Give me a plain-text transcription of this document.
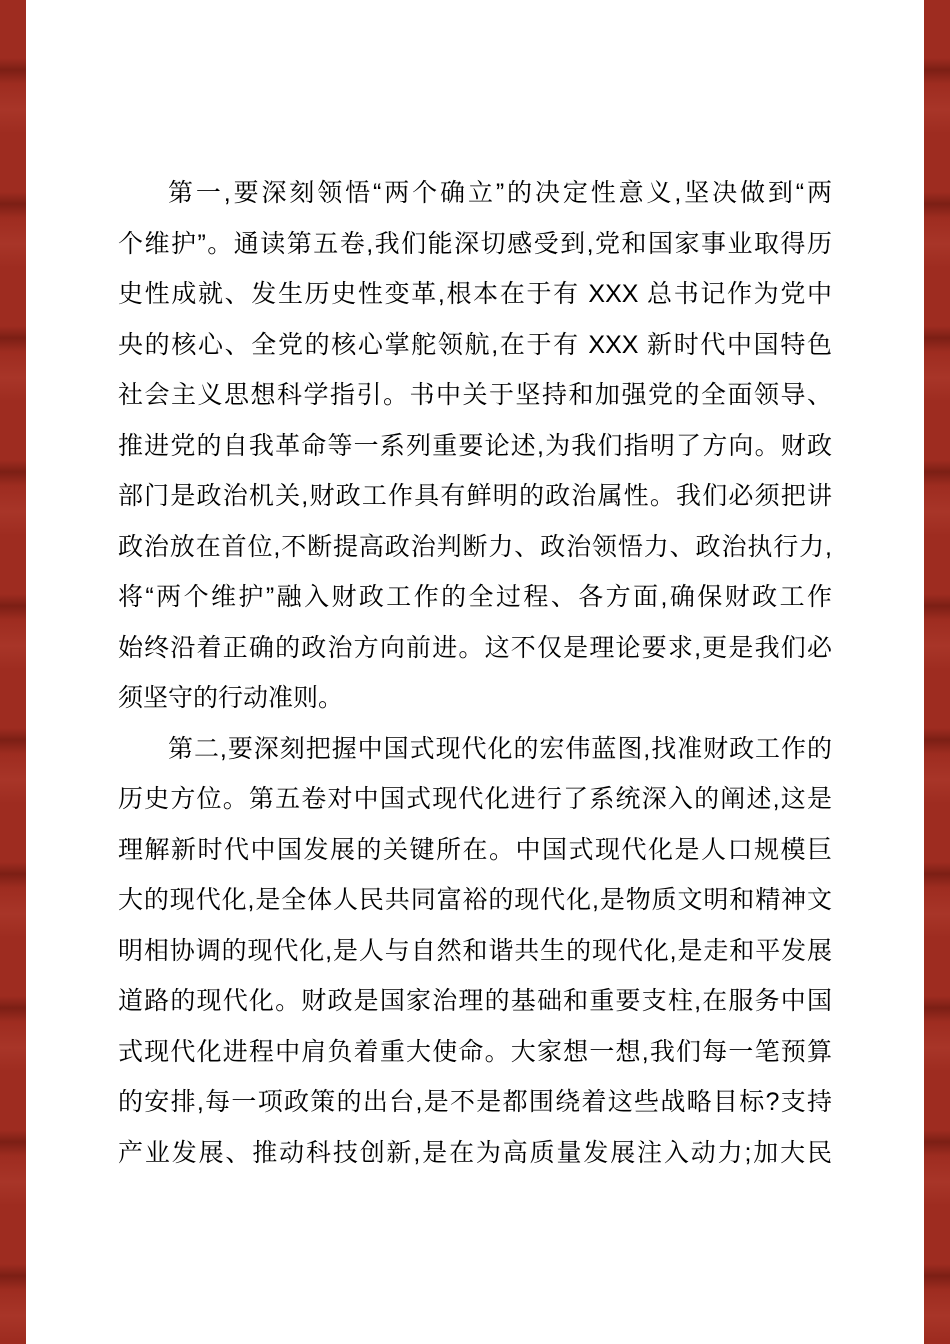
第一,要深刻领悟“两个确立”的决定性意义,坚决做到“两
个维护”。通读第五卷,我们能深切感受到,党和国家事业取得历
史性成就、发生历史性变革,根本在于有 XXX 总书记作为党中
央的核心、全党的核心掌舵领航,在于有 XXX 新时代中国特色
社会主义思想科学指引。书中关于坚持和加强党的全面领导、
推进党的自我革命等一系列重要论述,为我们指明了方向。财政
部门是政治机关,财政工作具有鲜明的政治属性。我们必须把讲
政治放在首位,不断提高政治判断力、政治领悟力、政治执行力,
将“两个维护”融入财政工作的全过程、各方面,确保财政工作
始终沿着正确的政治方向前进。这不仅是理论要求,更是我们必
须坚守的行动准则。
第二,要深刻把握中国式现代化的宏伟蓝图,找准财政工作的
历史方位。第五卷对中国式现代化进行了系统深入的阐述,这是
理解新时代中国发展的关键所在。中国式现代化是人口规模巨
大的现代化,是全体人民共同富裕的现代化,是物质文明和精神文
明相协调的现代化,是人与自然和谐共生的现代化,是走和平发展
道路的现代化。财政是国家治理的基础和重要支柱,在服务中国
式现代化进程中肩负着重大使命。大家想一想,我们每一笔预算
的安排,每一项政策的出台,是不是都围绕着这些战略目标?支持
产业发展、推动科技创新,是在为高质量发展注入动力;加大民
